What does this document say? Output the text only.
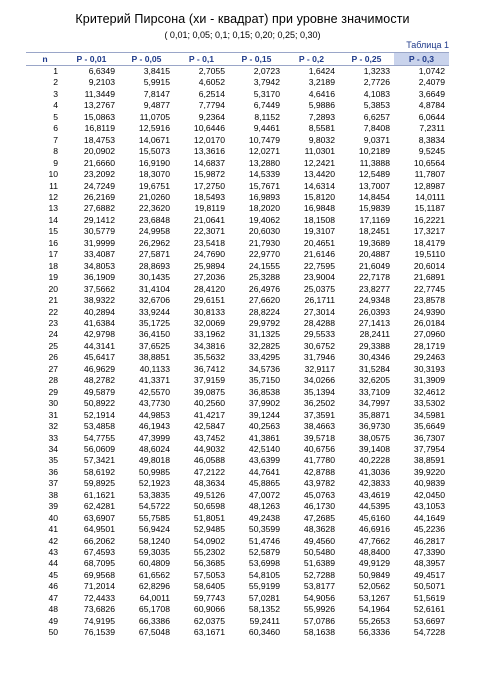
Критерий Пирсона (хи - квадрат) при уровне значимости
( 0,01; 0,05; 0,1; 0,15; 0,20; 0,25; 0,30)
Таблица 1
n	P - 0,01	P - 0,05	P - 0,1	P - 0,15	P - 0,2	P - 0,25	P - 0,3
1	6,6349	3,8415	2,7055	2,0723	1,6424	1,3233	1,0742
2	9,2103	5,9915	4,6052	3,7942	3,2189	2,7726	2,4079
3	11,3449	7,8147	6,2514	5,3170	4,6416	4,1083	3,6649
4	13,2767	9,4877	7,7794	6,7449	5,9886	5,3853	4,8784
5	15,0863	11,0705	9,2364	8,1152	7,2893	6,6257	6,0644
6	16,8119	12,5916	10,6446	9,4461	8,5581	7,8408	7,2311
7	18,4753	14,0671	12,0170	10,7479	9,8032	9,0371	8,3834
8	20,0902	15,5073	13,3616	12,0271	11,0301	10,2189	9,5245
9	21,6660	16,9190	14,6837	13,2880	12,2421	11,3888	10,6564
10	23,2092	18,3070	15,9872	14,5339	13,4420	12,5489	11,7807
11	24,7249	19,6751	17,2750	15,7671	14,6314	13,7007	12,8987
12	26,2169	21,0260	18,5493	16,9893	15,8120	14,8454	14,0111
13	27,6882	22,3620	19,8119	18,2020	16,9848	15,9839	15,1187
14	29,1412	23,6848	21,0641	19,4062	18,1508	17,1169	16,2221
15	30,5779	24,9958	22,3071	20,6030	19,3107	18,2451	17,3217
16	31,9999	26,2962	23,5418	21,7930	20,4651	19,3689	18,4179
17	33,4087	27,5871	24,7690	22,9770	21,6146	20,4887	19,5110
18	34,8053	28,8693	25,9894	24,1555	22,7595	21,6049	20,6014
19	36,1909	30,1435	27,2036	25,3288	23,9004	22,7178	21,6891
20	37,5662	31,4104	28,4120	26,4976	25,0375	23,8277	22,7745
21	38,9322	32,6706	29,6151	27,6620	26,1711	24,9348	23,8578
22	40,2894	33,9244	30,8133	28,8224	27,3014	26,0393	24,9390
23	41,6384	35,1725	32,0069	29,9792	28,4288	27,1413	26,0184
24	42,9798	36,4150	33,1962	31,1325	29,5533	28,2411	27,0960
25	44,3141	37,6525	34,3816	32,2825	30,6752	29,3388	28,1719
26	45,6417	38,8851	35,5632	33,4295	31,7946	30,4346	29,2463
27	46,9629	40,1133	36,7412	34,5736	32,9117	31,5284	30,3193
28	48,2782	41,3371	37,9159	35,7150	34,0266	32,6205	31,3909
29	49,5879	42,5570	39,0875	36,8538	35,1394	33,7109	32,4612
30	50,8922	43,7730	40,2560	37,9902	36,2502	34,7997	33,5302
31	52,1914	44,9853	41,4217	39,1244	37,3591	35,8871	34,5981
32	53,4858	46,1943	42,5847	40,2563	38,4663	36,9730	35,6649
33	54,7755	47,3999	43,7452	41,3861	39,5718	38,0575	36,7307
34	56,0609	48,6024	44,9032	42,5140	40,6756	39,1408	37,7954
35	57,3421	49,8018	46,0588	43,6399	41,7780	40,2228	38,8591
36	58,6192	50,9985	47,2122	44,7641	42,8788	41,3036	39,9220
37	59,8925	52,1923	48,3634	45,8865	43,9782	42,3833	40,9839
38	61,1621	53,3835	49,5126	47,0072	45,0763	43,4619	42,0450
39	62,4281	54,5722	50,6598	48,1263	46,1730	44,5395	43,1053
40	63,6907	55,7585	51,8051	49,2438	47,2685	45,6160	44,1649
41	64,9501	56,9424	52,9485	50,3599	48,3628	46,6916	45,2236
42	66,2062	58,1240	54,0902	51,4746	49,4560	47,7662	46,2817
43	67,4593	59,3035	55,2302	52,5879	50,5480	48,8400	47,3390
44	68,7095	60,4809	56,3685	53,6998	51,6389	49,9129	48,3957
45	69,9568	61,6562	57,5053	54,8105	52,7288	50,9849	49,4517
46	71,2014	62,8296	58,6405	55,9199	53,8177	52,0562	50,5071
47	72,4433	64,0011	59,7743	57,0281	54,9056	53,1267	51,5619
48	73,6826	65,1708	60,9066	58,1352	55,9926	54,1964	52,6161
49	74,9195	66,3386	62,0375	59,2411	57,0786	55,2653	53,6697
50	76,1539	67,5048	63,1671	60,3460	58,1638	56,3336	54,7228
